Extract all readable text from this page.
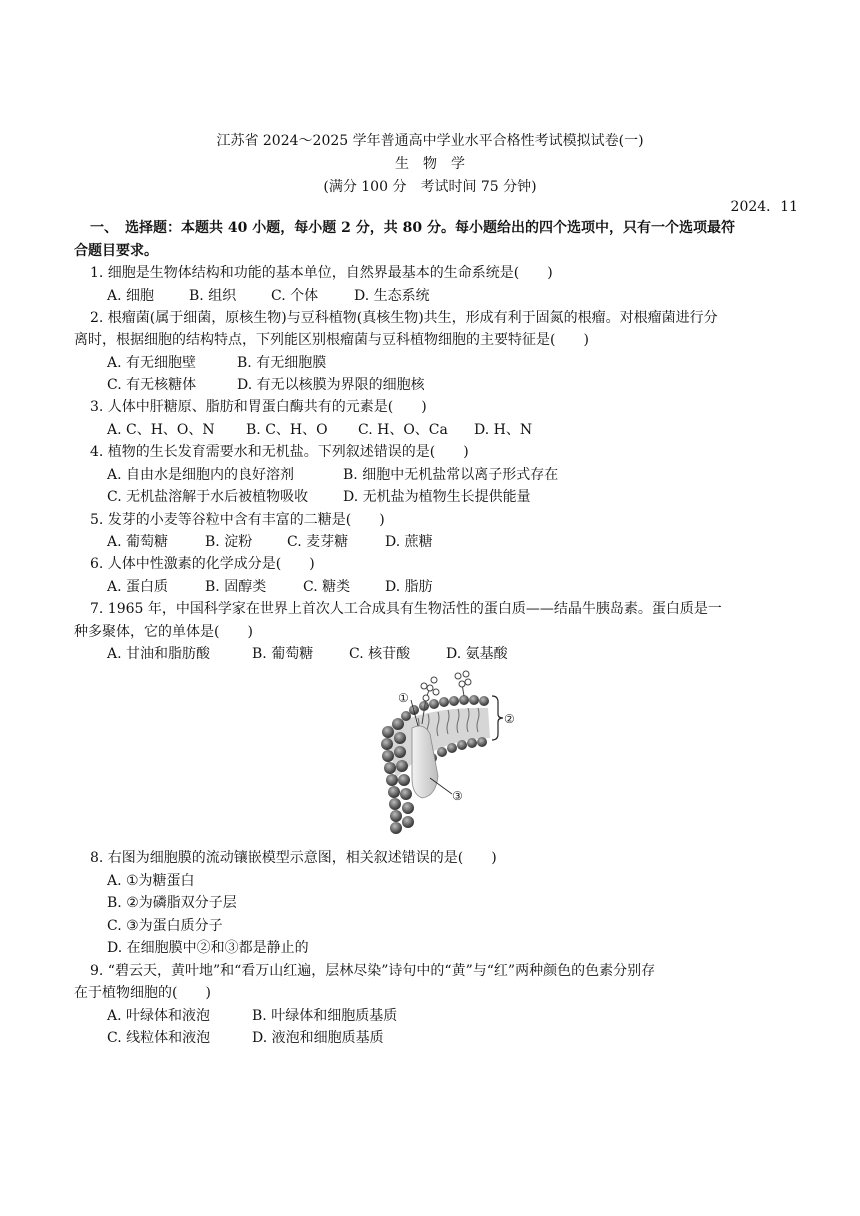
江苏省 2024～2025 学年普通高中学业水平合格性考试模拟试卷(一)
生　物　学
(满分 100 分　考试时间 75 分钟)
2024．11
一、　选择题：本题共 40 小题，每小题 2 分，共 80 分。每小题给出的四个选项中，只有一个选项最符
合题目要求。
1. 细胞是生物体结构和功能的基本单位，自然界最基本的生命系统是(　　)
A. 细胞 B. 组织 C. 个体	D. 生态系统
2. 根瘤菌(属于细菌，原核生物)与豆科植物(真核生物)共生，形成有利于固氮的根瘤。对根瘤菌进行分
离时，根据细胞的结构特点，下列能区别根瘤菌与豆科植物细胞的主要特征是(　　)
A. 有无细胞壁	B. 有无细胞膜
C. 有无核糖体	D. 有无以核膜为界限的细胞核
3. 人体中肝糖原、脂肪和胃蛋白酶共有的元素是(　　)
A. C、H、O、N B. C、H、O C. H、O、Ca D. H、N
4. 植物的生长发育需要水和无机盐。下列叙述错误的是(　　)
A. 自由水是细胞内的良好溶剂	B. 细胞中无机盐常以离子形式存在
C. 无机盐溶解于水后被植物吸收 D. 无机盐为植物生长提供能量
5. 发芽的小麦等谷粒中含有丰富的二糖是(　　)
A. 葡萄糖	B. 淀粉 C. 麦芽糖	D. 蔗糖
6. 人体中性激素的化学成分是(　　)
A. 蛋白质	B. 固醇类	C. 糖类 D. 脂肪
7. 1965 年，中国科学家在世界上首次人工合成具有生物活性的蛋白质——结晶牛胰岛素。蛋白质是一
种多聚体，它的单体是(　　)
A. 甘油和脂肪酸	B. 葡萄糖	C. 核苷酸	D. 氨基酸
①
②
③
8. 右图为细胞膜的流动镶嵌模型示意图，相关叙述错误的是(　　)
A. ①为糖蛋白
B. ②为磷脂双分子层
C. ③为蛋白质分子
D. 在细胞膜中②和③都是静止的
9. “碧云天，黄叶地”和“看万山红遍，层林尽染”诗句中的“黄”与“红”两种颜色的色素分别存
在于植物细胞的(　　)
A. 叶绿体和液泡	B. 叶绿体和细胞质基质
C. 线粒体和液泡	D. 液泡和细胞质基质
